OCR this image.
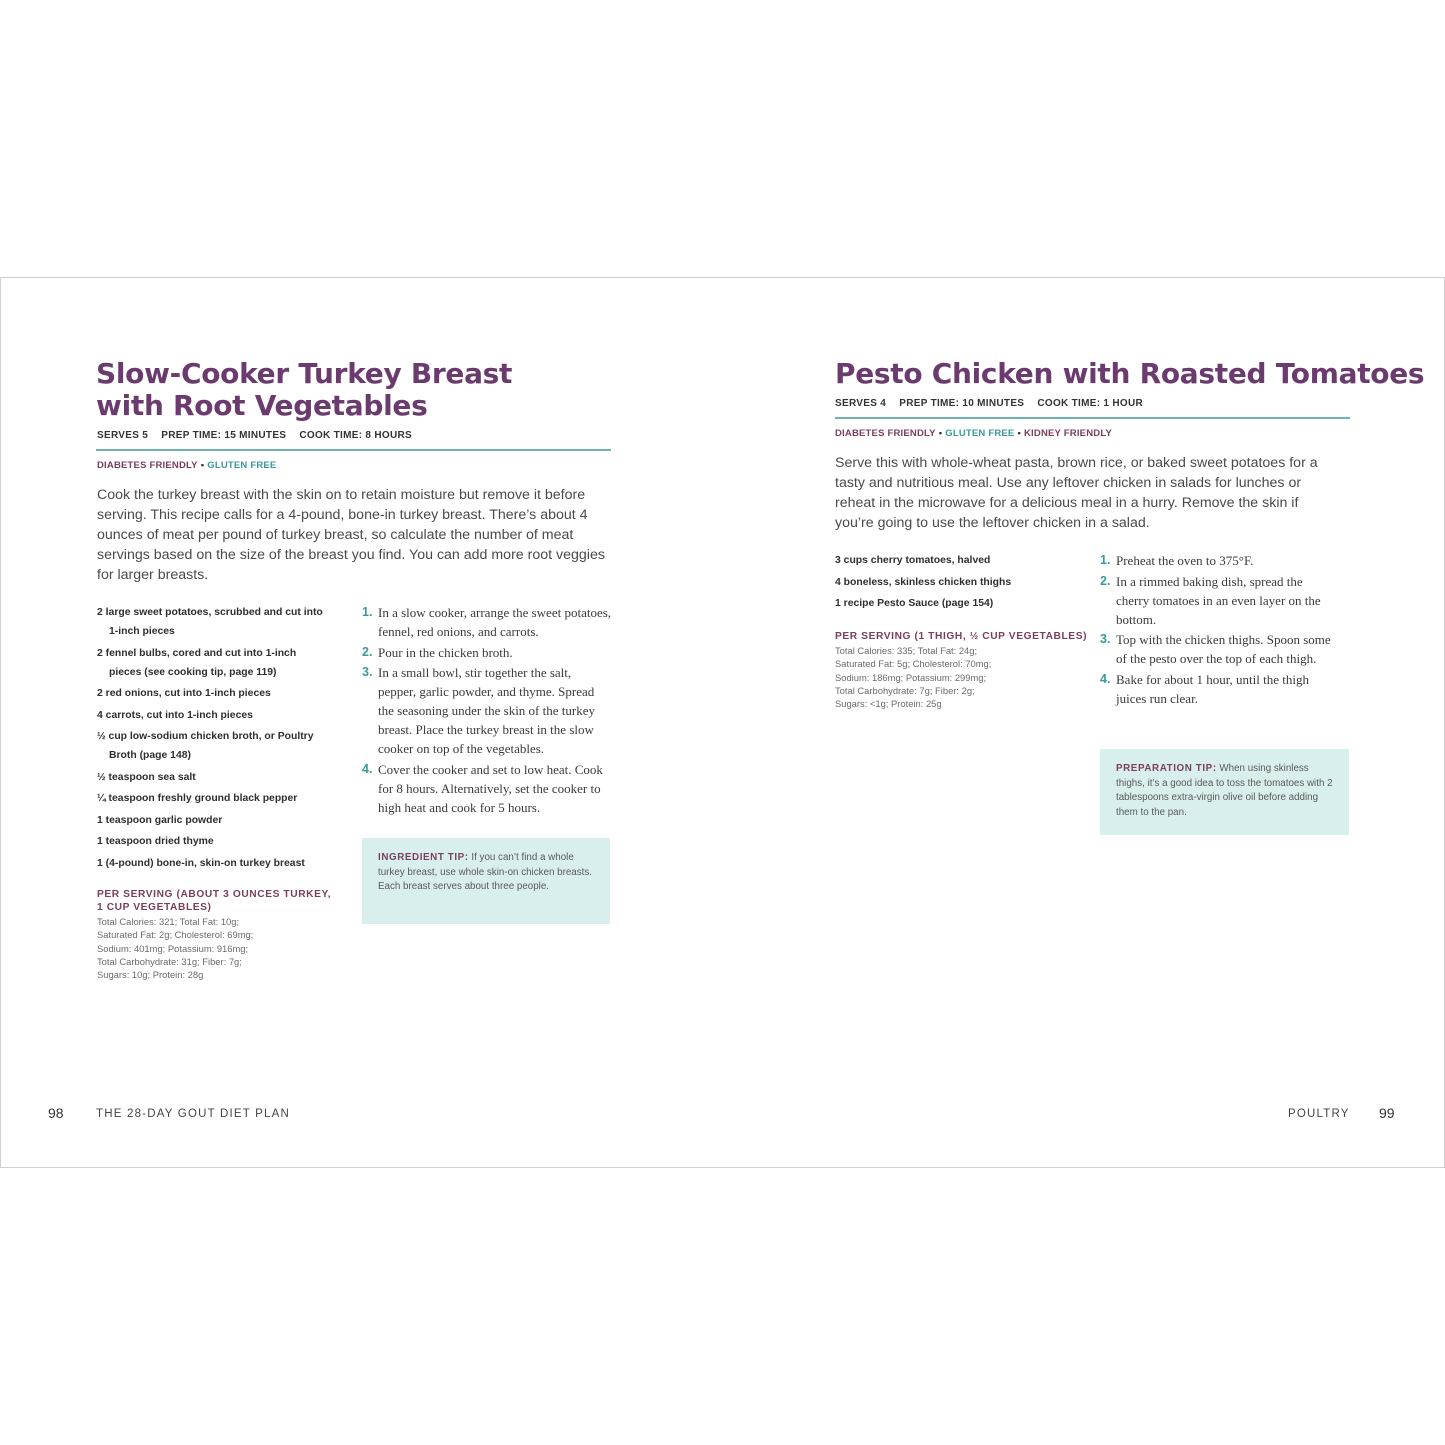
Slow-Cooker Turkey Breast
with Root Vegetables
SERVES 5 PREP TIME: 15 MINUTES COOK TIME: 8 HOURS
DIABETES FRIENDLY • GLUTEN FREE

Cook the turkey breast with the skin on to retain moisture but remove it before serving. This recipe calls for a 4-pound, bone-in turkey breast. There’s about 4 ounces of meat per pound of turkey breast, so calculate the number of meat servings based on the size of the breast you find. You can add more root veggies for larger breasts.

2 large sweet potatoes, scrubbed and cut into 1-inch pieces
2 fennel bulbs, cored and cut into 1-inch pieces (see cooking tip, page 119)
2 red onions, cut into 1-inch pieces
4 carrots, cut into 1-inch pieces
½ cup low-sodium chicken broth, or Poultry Broth (page 148)
½ teaspoon sea salt
¼ teaspoon freshly ground black pepper
1 teaspoon garlic powder
1 teaspoon dried thyme
1 (4-pound) bone-in, skin-on turkey breast
PER SERVING (ABOUT 3 OUNCES TURKEY, 1 CUP VEGETABLES)
Total Calories: 321; Total Fat: 10g;
Saturated Fat: 2g; Cholesterol: 69mg;
Sodium: 401mg; Potassium: 916mg;
Total Carbohydrate: 31g; Fiber: 7g;
Sugars: 10g; Protein: 28g
1. In a slow cooker, arrange the sweet potatoes, fennel, red onions, and carrots.
2. Pour in the chicken broth.
3. In a small bowl, stir together the salt, pepper, garlic powder, and thyme. Spread the seasoning under the skin of the turkey breast. Place the turkey breast in the slow cooker on top of the vegetables.
4. Cover the cooker and set to low heat. Cook for 8 hours. Alternatively, set the cooker to high heat and cook for 5 hours.

INGREDIENT TIP: If you can’t find a whole turkey breast, use whole skin-on chicken breasts. Each breast serves about three people.

98	THE 28-DAY GOUT DIET PLAN
Pesto Chicken with Roasted Tomatoes
SERVES 4 PREP TIME: 10 MINUTES COOK TIME: 1 HOUR
DIABETES FRIENDLY • GLUTEN FREE • KIDNEY FRIENDLY

Serve this with whole-wheat pasta, brown rice, or baked sweet potatoes for a tasty and nutritious meal. Use any leftover chicken in salads for lunches or reheat in the microwave for a delicious meal in a hurry. Remove the skin if you’re going to use the leftover chicken in a salad.

3 cups cherry tomatoes, halved
4 boneless, skinless chicken thighs
1 recipe Pesto Sauce (page 154)
PER SERVING (1 THIGH, ½ CUP VEGETABLES)
Total Calories: 335; Total Fat: 24g;
Saturated Fat: 5g; Cholesterol: 70mg;
Sodium: 186mg; Potassium: 299mg;
Total Carbohydrate: 7g; Fiber: 2g;
Sugars: <1g; Protein: 25g
1. Preheat the oven to 375°F.
2. In a rimmed baking dish, spread the cherry tomatoes in an even layer on the bottom.
3. Top with the chicken thighs. Spoon some of the pesto over the top of each thigh.
4. Bake for about 1 hour, until the thigh juices run clear.

PREPARATION TIP: When using skinless thighs, it’s a good idea to toss the tomatoes with 2 tablespoons extra-virgin olive oil before adding them to the pan.

POULTRY 99
